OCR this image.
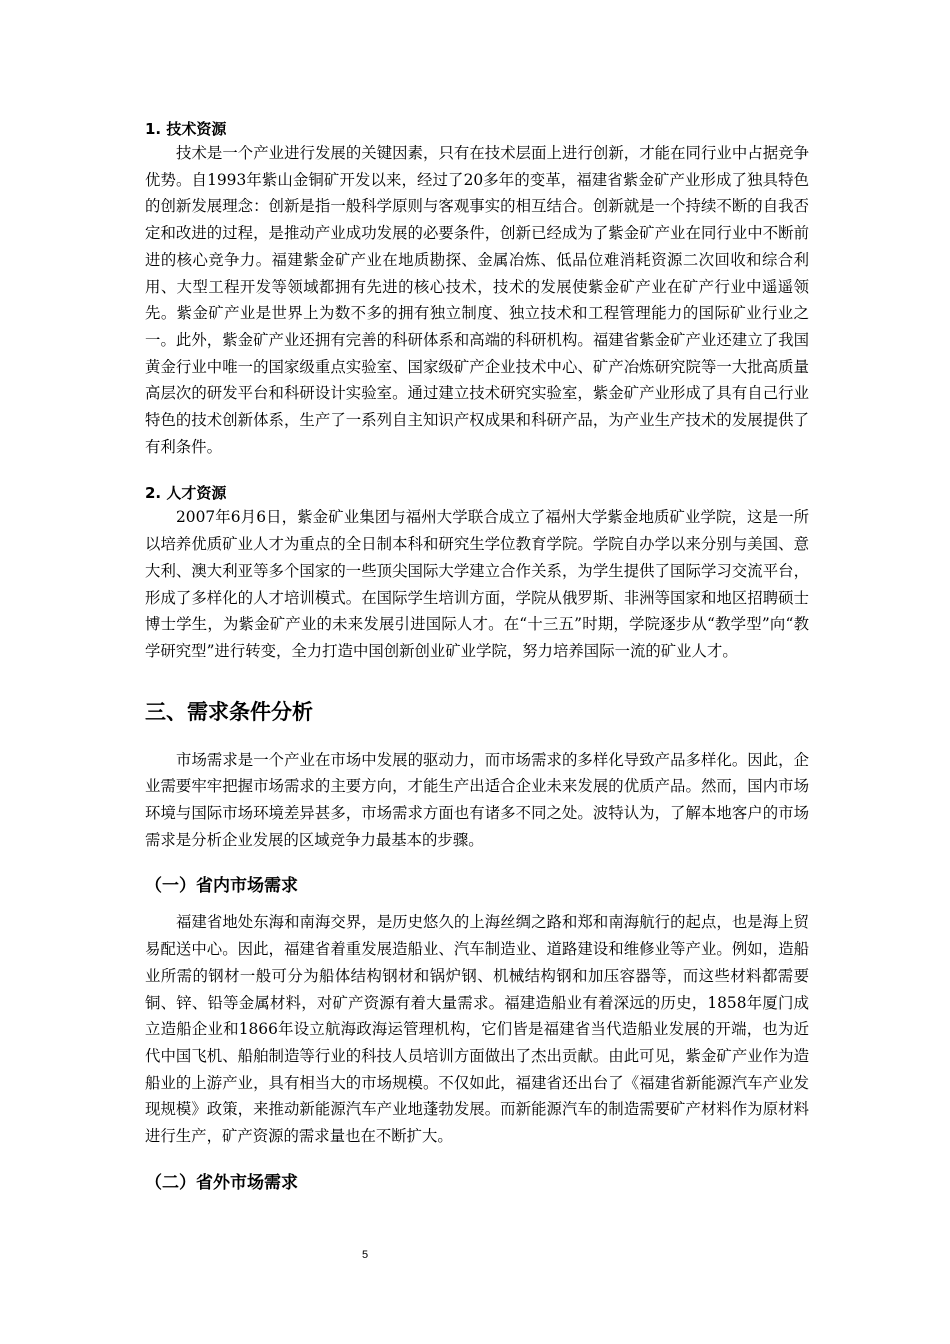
1. 技术资源

技术是一个产业进行发展的关键因素，只有在技术层面上进行创新，才能在同行业中占据竞争优势。自1993年紫山金铜矿开发以来，经过了20多年的变革，福建省紫金矿产业形成了独具特色的创新发展理念：创新是指一般科学原则与客观事实的相互结合。创新就是一个持续不断的自我否定和改进的过程，是推动产业成功发展的必要条件，创新已经成为了紫金矿产业在同行业中不断前进的核心竞争力。福建紫金矿产业在地质勘探、金属冶炼、低品位难消耗资源二次回收和综合利用、大型工程开发等领域都拥有先进的核心技术，技术的发展使紫金矿产业在矿产行业中遥遥领先。紫金矿产业是世界上为数不多的拥有独立制度、独立技术和工程管理能力的国际矿业行业之一。此外，紫金矿产业还拥有完善的科研体系和高端的科研机构。福建省紫金矿产业还建立了我国黄金行业中唯一的国家级重点实验室、国家级矿产企业技术中心、矿产冶炼研究院等一大批高质量高层次的研发平台和科研设计实验室。通过建立技术研究实验室，紫金矿产业形成了具有自己行业特色的技术创新体系，生产了一系列自主知识产权成果和科研产品，为产业生产技术的发展提供了有利条件。

2. 人才资源

2007年6月6日，紫金矿业集团与福州大学联合成立了福州大学紫金地质矿业学院，这是一所以培养优质矿业人才为重点的全日制本科和研究生学位教育学院。学院自办学以来分别与美国、意大利、澳大利亚等多个国家的一些顶尖国际大学建立合作关系，为学生提供了国际学习交流平台，形成了多样化的人才培训模式。在国际学生培训方面，学院从俄罗斯、非洲等国家和地区招聘硕士博士学生，为紫金矿产业的未来发展引进国际人才。在“十三五”时期，学院逐步从“教学型”向“教学研究型”进行转变，全力打造中国创新创业矿业学院，努力培养国际一流的矿业人才。

三、需求条件分析

市场需求是一个产业在市场中发展的驱动力，而市场需求的多样化导致产品多样化。因此，企业需要牢牢把握市场需求的主要方向，才能生产出适合企业未来发展的优质产品。然而，国内市场环境与国际市场环境差异甚多，市场需求方面也有诸多不同之处。波特认为，了解本地客户的市场需求是分析企业发展的区域竞争力最基本的步骤。

（一）省内市场需求

福建省地处东海和南海交界，是历史悠久的上海丝绸之路和郑和南海航行的起点，也是海上贸易配送中心。因此，福建省着重发展造船业、汽车制造业、道路建设和维修业等产业。例如，造船业所需的钢材一般可分为船体结构钢材和锅炉钢、机械结构钢和加压容器等，而这些材料都需要铜、锌、铅等金属材料，对矿产资源有着大量需求。福建造船业有着深远的历史，1858年厦门成立造船企业和1866年设立航海政海运管理机构，它们皆是福建省当代造船业发展的开端，也为近代中国飞机、船舶制造等行业的科技人员培训方面做出了杰出贡献。由此可见，紫金矿产业作为造船业的上游产业，具有相当大的市场规模。不仅如此，福建省还出台了《福建省新能源汽车产业发现规模》政策，来推动新能源汽车产业地蓬勃发展。而新能源汽车的制造需要矿产材料作为原材料进行生产，矿产资源的需求量也在不断扩大。

（二）省外市场需求
5
